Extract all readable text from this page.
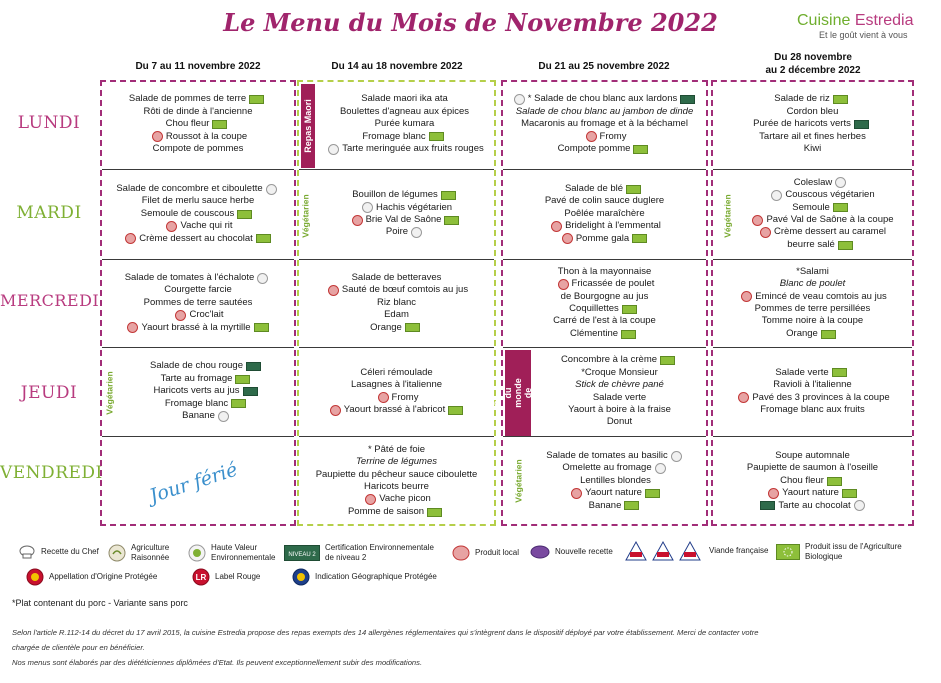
Le Menu du Mois de Novembre 2022	Cuisine Estredia
Et le goût vient à vous
Du 7 au 11 novembre 2022	Du 14 au 18 novembre 2022	Du 21 au 25 novembre 2022
Du 28 novembre
au 2 décembre 2022
LUNDI
MARDI
MERCREDI
JEUDI
VENDREDI
Salade de pommes de terre
Rôti de dinde à l'ancienne
Chou fleur
Roussot à la coupe
Compote de pommes
Salade de concombre et ciboulette
Filet de merlu sauce herbe
Semoule de couscous
Vache qui rit
Crème dessert au chocolat
Salade de tomates à l'échalote
Courgette farcie
Pommes de terre sautées
Croc'lait
Yaourt brassé à la myrtille
Salade de chou rouge
Tarte au fromage
Haricots verts au jus
Fromage blanc
Banane
Salade maori ika ata
Boulettes d'agneau aux épices
Purée kumara
Fromage blanc
Tarte meringuée aux fruits rouges
Bouillon de légumes
Hachis végétarien
Brie Val de Saône
Poire
Salade de betteraves
Sauté de bœuf comtois au jus
Riz blanc
Edam
Orange
Céleri rémoulade
Lasagnes à l'italienne
Fromy
Yaourt brassé à l'abricot
* Pâté de foie
Terrine de légumes
Paupiette du pêcheur sauce ciboulette
Haricots beurre
Vache picon
Pomme de saison
* Salade de chou blanc aux lardons
Salade de chou blanc au jambon de dinde
Macaronis au fromage et à la béchamel
Fromy
Compote pomme
Salade de blé
Pavé de colin sauce duglere
Poêlée maraîchère
Bridelight à l'emmental
Pomme gala
Thon à la mayonnaise
Fricassée de poulet
de Bourgogne au jus
Coquillettes
Carré de l'est à la coupe
Clémentine
Concombre à la crème
*Croque Monsieur
Stick de chèvre pané
Salade verte
Yaourt à boire à la fraise
Donut
Salade de tomates au basilic
Omelette au fromage
Lentilles blondes
Yaourt nature
Banane
Salade de riz
Cordon bleu
Purée de haricots verts
Tartare ail et fines herbes
Kiwi
Coleslaw
Couscous végétarien
Semoule
Pavé Val de Saône à la coupe
Crème dessert au caramel
beurre salé
*Salami
Blanc de poulet
Emincé de veau comtois au jus
Pommes de terre persillées
Tomme noire à la coupe
Orange
Salade verte
Ravioli à l'italienne
Pavé des 3 provinces à la coupe
Fromage blanc aux fruits
Soupe automnale
Paupiette de saumon à l'oseille
Chou fleur
Yaourt nature
Tarte au chocolat
Repas Maori
Coupe du monde de foot
Végétarien
Végétarien
Végétarien
Végétarien
Jour férié
Recette du Chef	Agriculture Raisonnée
Haute Valeur Environnementale	NIVEAU 2
Certification Environnementale de niveau 2	Produit local	Nouvelle recette	Viande française	Produit issu de l'Agriculture Biologique
Appellation d'Origine Protégée	LR Label Rouge	Indication Géographique Protégée
*Plat contenant du porc - Variante sans porc
Selon l'article R.112-14 du décret du 17 avril 2015, la cuisine Estredia propose des repas exempts des 14 allergènes réglementaires qui s'intègrent dans le dispositif déployé par votre établissement. Merci de contacter votre
chargée de clientèle pour en bénéficier.
Nos menus sont élaborés par des diététiciennes diplômées d'Etat. Ils peuvent exceptionnellement subir des modifications.
